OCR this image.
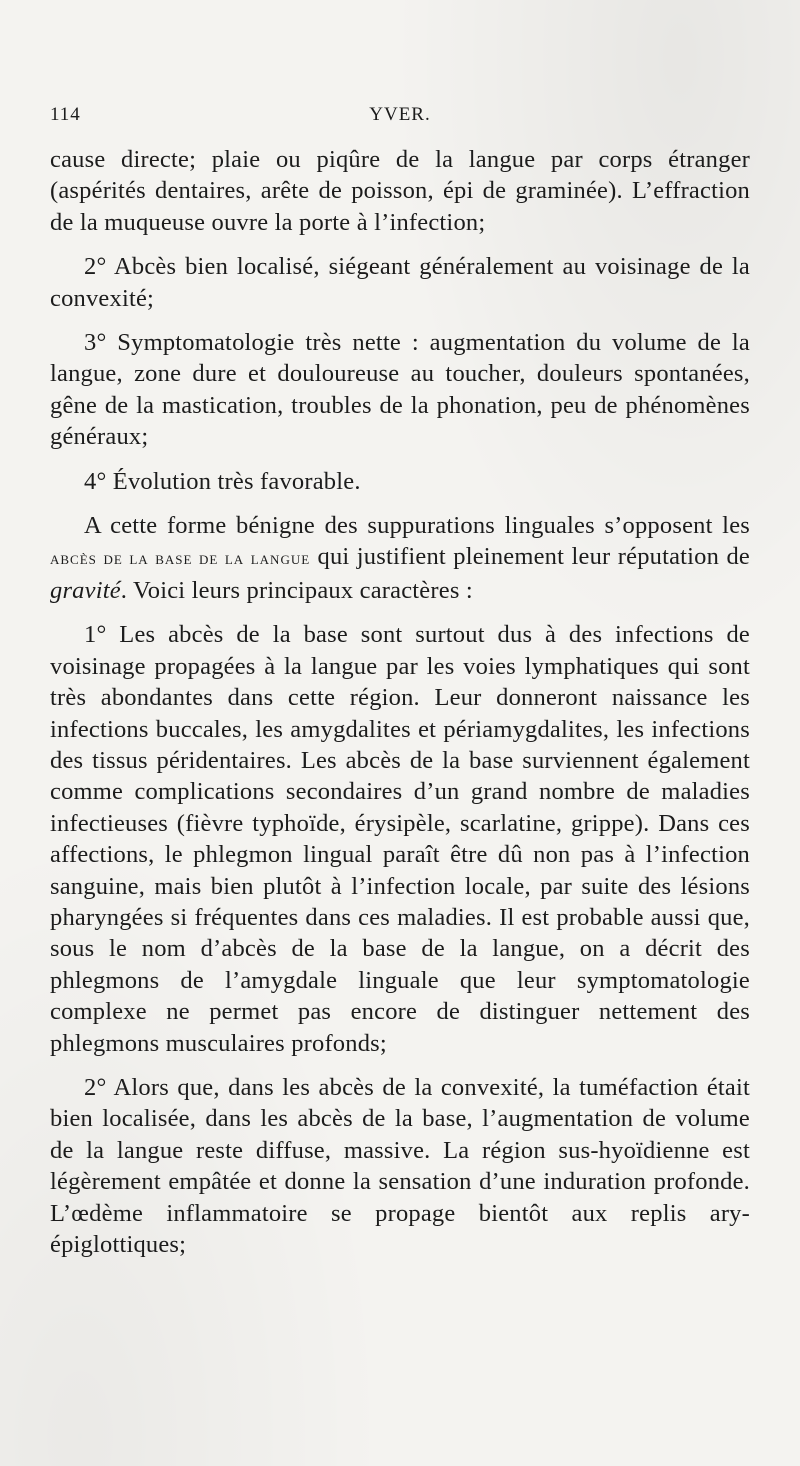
114	YVER.

cause directe; plaie ou piqûre de la langue par corps étranger (aspérités dentaires, arête de poisson, épi de graminée). L’effraction de la muqueuse ouvre la porte à l’infection;

2° Abcès bien localisé, siégeant généralement au voisinage de la convexité;

3° Symptomatologie très nette : augmentation du volume de la langue, zone dure et douloureuse au toucher, douleurs spontanées, gêne de la mastication, troubles de la phonation, peu de phénomènes généraux;

4° Évolution très favorable.

A cette forme bénigne des suppurations linguales s’opposent les abcès de la base de la langue qui justifient pleinement leur réputation de gravité. Voici leurs principaux caractères :

1° Les abcès de la base sont surtout dus à des infections de voisinage propagées à la langue par les voies lymphatiques qui sont très abondantes dans cette région. Leur donneront naissance les infections buccales, les amygdalites et périamygdalites, les infections des tissus péridentaires. Les abcès de la base surviennent également comme complications secondaires d’un grand nombre de maladies infectieuses (fièvre typhoïde, érysipèle, scarlatine, grippe). Dans ces affections, le phlegmon lingual paraît être dû non pas à l’infection sanguine, mais bien plutôt à l’infection locale, par suite des lésions pharyngées si fréquentes dans ces maladies. Il est probable aussi que, sous le nom d’abcès de la base de la langue, on a décrit des phlegmons de l’amygdale linguale que leur symptomatologie complexe ne permet pas encore de distinguer nettement des phlegmons musculaires profonds;

2° Alors que, dans les abcès de la convexité, la tuméfaction était bien localisée, dans les abcès de la base, l’augmentation de volume de la langue reste diffuse, massive. La région sus-hyoïdienne est légèrement empâtée et donne la sensation d’une induration profonde. L’œdème inflammatoire se propage bientôt aux replis ary-épiglottiques;
